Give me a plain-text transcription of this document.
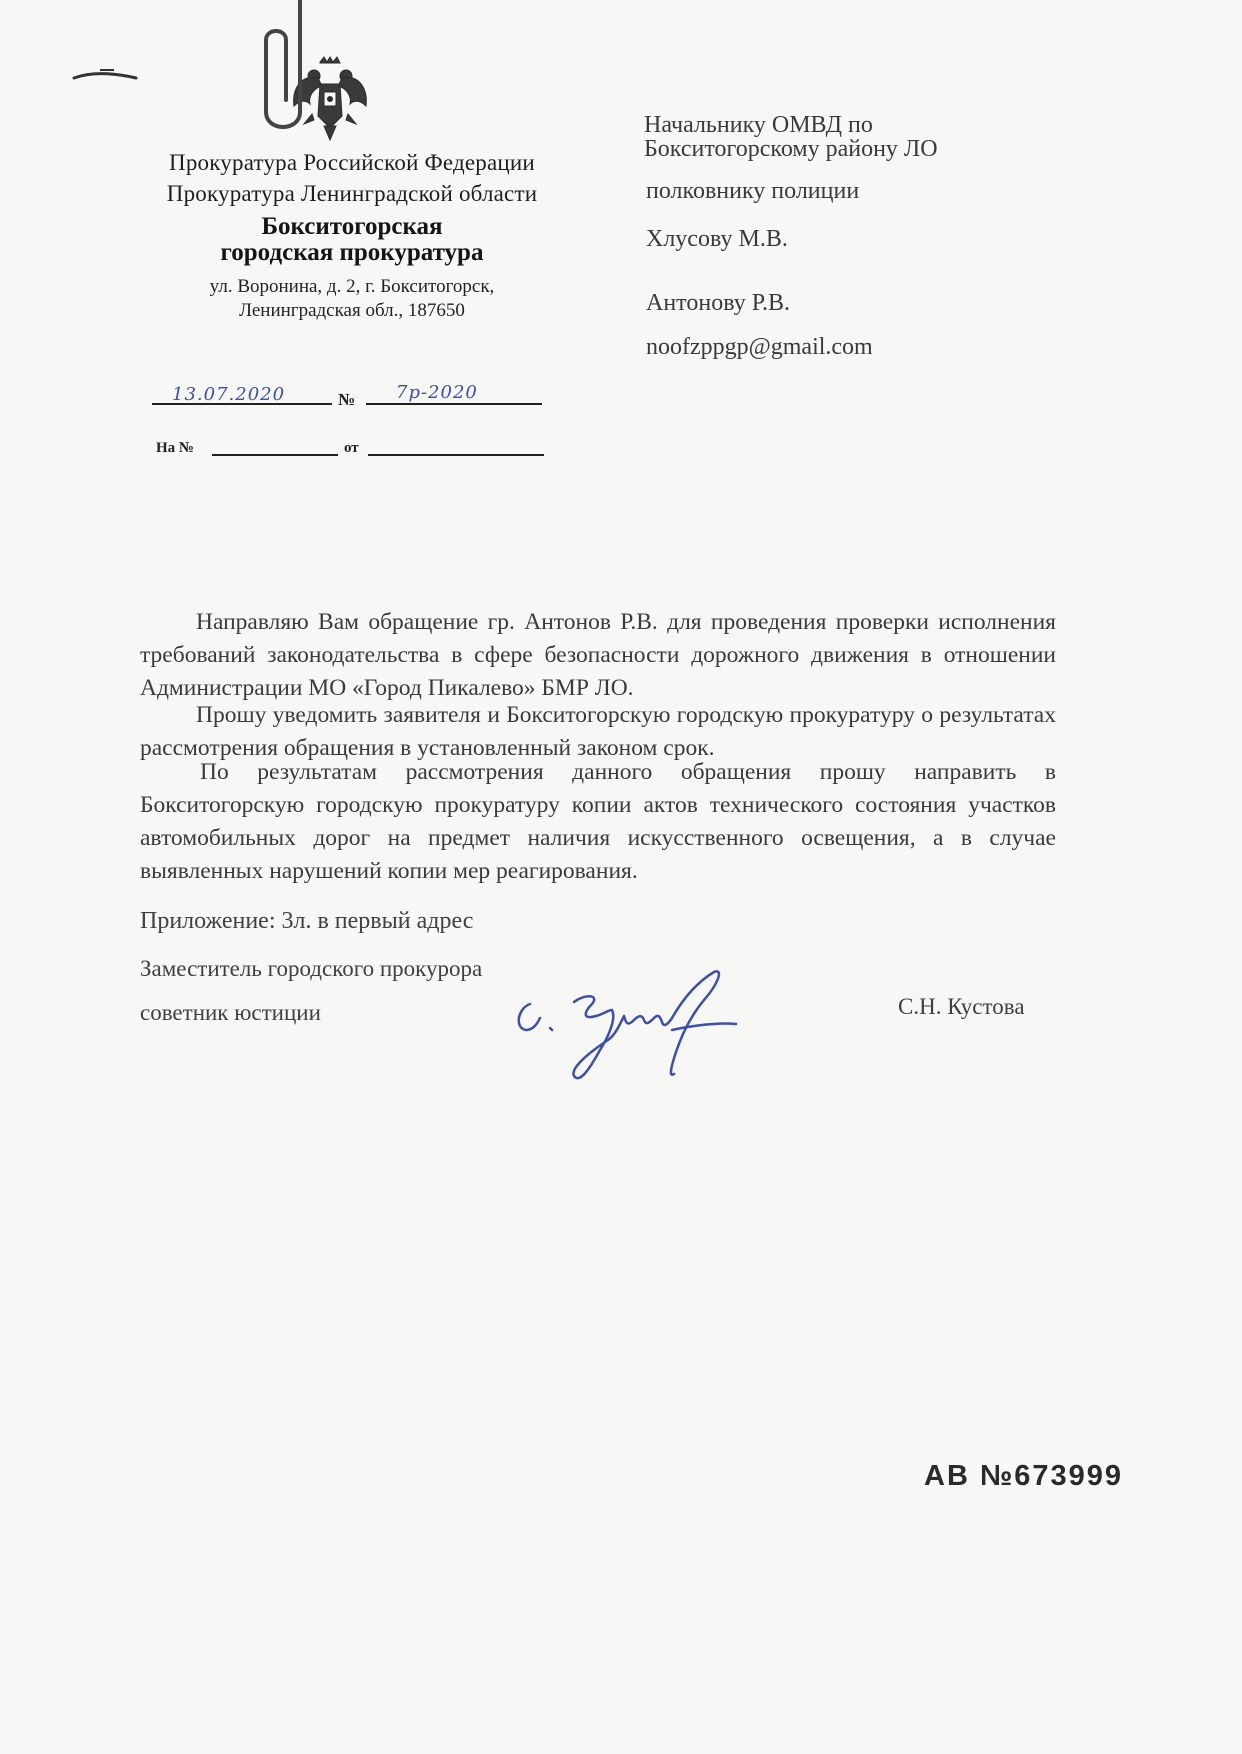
Прокуратура Российской Федерации
Прокуратура Ленинградской области
Бокситогорская
городская прокуратура
ул. Воронина, д. 2, г. Бокситогорск,
Ленинградская обл., 187650
13.07.2020	№ 7р-2020
На №	от
Начальнику ОМВД по
Бокситогорскому району ЛО
полковнику полиции
Хлусову М.В.
Антонову Р.В.
noofzppgp@gmail.com
Направляю Вам обращение гр. Антонов Р.В. для проведения проверки исполнения требований законодательства в сфере безопасности дорожного движения в отношении Администрации МО «Город Пикалево» БМР ЛО.
Прошу уведомить заявителя и Бокситогорскую городскую прокуратуру о результатах рассмотрения обращения в установленный законом срок.
По результатам рассмотрения данного обращения прошу направить в Бокситогорскую городскую прокуратуру копии актов технического состояния участков автомобильных дорог на предмет наличия искусственного освещения, а в случае выявленных нарушений копии мер реагирования.
Приложение: 3л. в первый адрес
Заместитель городского прокурора
советник юстиции	С.Н. Кустова
АВ №673999
